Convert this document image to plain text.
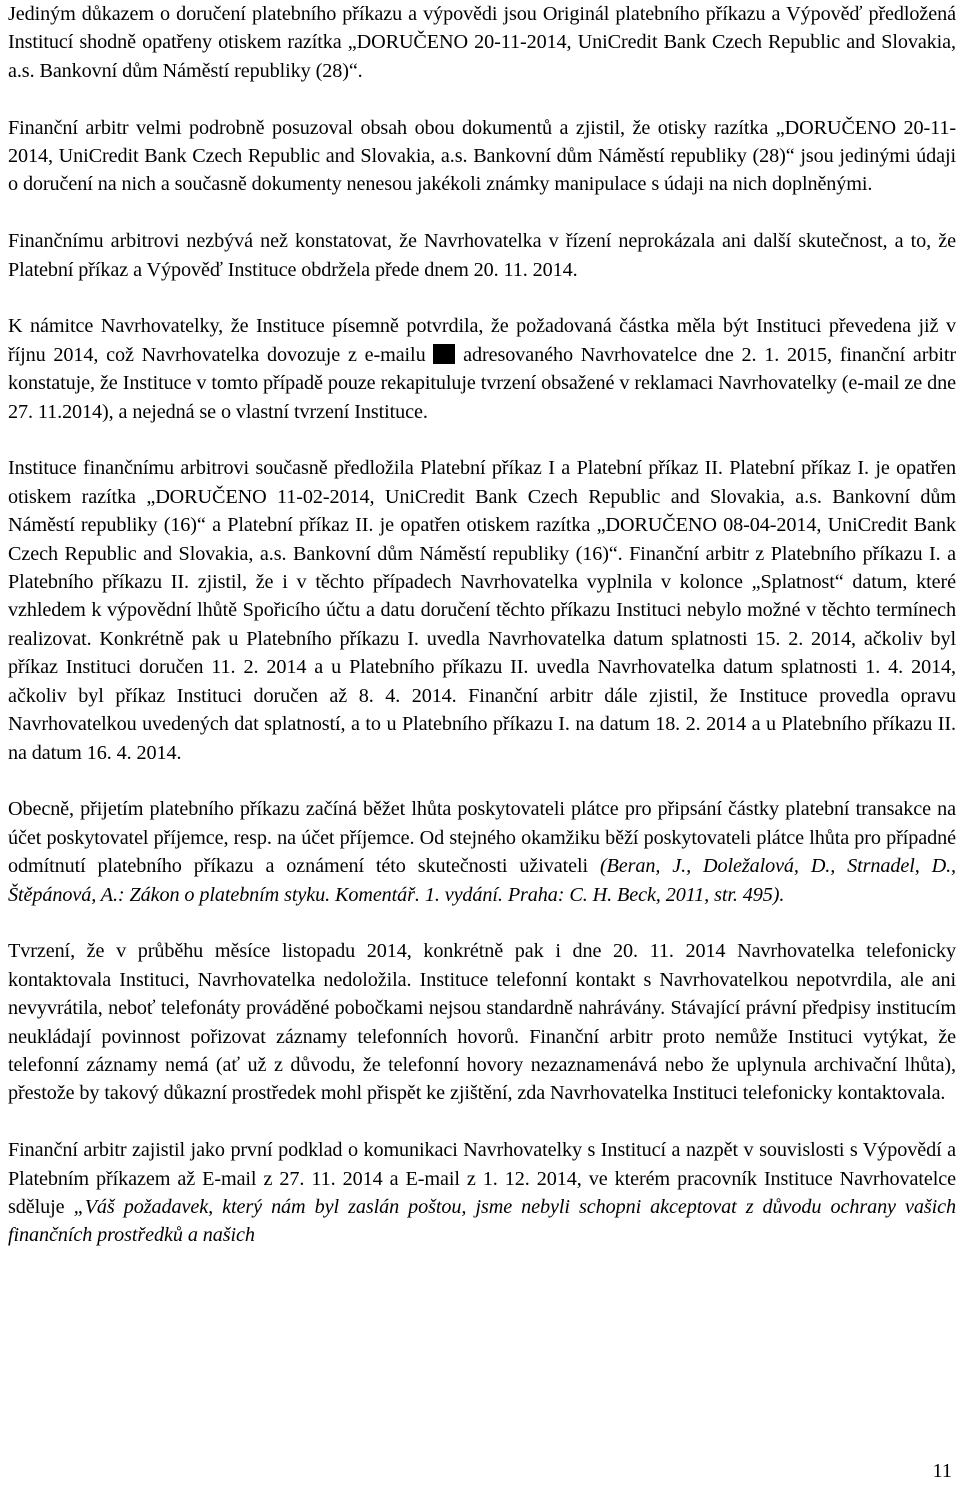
Jediným důkazem o doručení platebního příkazu a výpovědi jsou Originál platebního příkazu a Výpověď předložená Institucí shodně opatřeny otiskem razítka „DORUČENO 20-11-2014, UniCredit Bank Czech Republic and Slovakia, a.s. Bankovní dům Náměstí republiky (28)“.

Finanční arbitr velmi podrobně posuzoval obsah obou dokumentů a zjistil, že otisky razítka „DORUČENO 20-11-2014, UniCredit Bank Czech Republic and Slovakia, a.s. Bankovní dům Náměstí republiky (28)“ jsou jedinými údaji o doručení na nich a současně dokumenty nenesou jakékoli známky manipulace s údaji na nich doplněnými.

Finančnímu arbitrovi nezbývá než konstatovat, že Navrhovatelka v řízení neprokázala ani další skutečnost, a to, že Platební příkaz a Výpověď Instituce obdržela přede dnem 20. 11. 2014.

K námitce Navrhovatelky, že Instituce písemně potvrdila, že požadovaná částka měla být Instituci převedena již v říjnu 2014, což Navrhovatelka dovozuje z e-mailu  adresovaného Navrhovatelce dne 2. 1. 2015, finanční arbitr konstatuje, že Instituce v tomto případě pouze rekapituluje tvrzení obsažené v reklamaci Navrhovatelky (e-mail ze dne 27. 11.2014), a nejedná se o vlastní tvrzení Instituce.

Instituce finančnímu arbitrovi současně předložila Platební příkaz I a Platební příkaz II. Platební příkaz I. je opatřen otiskem razítka „DORUČENO 11-02-2014, UniCredit Bank Czech Republic and Slovakia, a.s. Bankovní dům Náměstí republiky (16)“ a Platební příkaz II. je opatřen otiskem razítka „DORUČENO 08-04-2014, UniCredit Bank Czech Republic and Slovakia, a.s. Bankovní dům Náměstí republiky (16)“. Finanční arbitr z Platebního příkazu I. a Platebního příkazu II. zjistil, že i v těchto případech Navrhovatelka vyplnila v kolonce „Splatnost“ datum, které vzhledem k výpovědní lhůtě Spořicího účtu a datu doručení těchto příkazu Instituci nebylo možné v těchto termínech realizovat. Konkrétně pak u Platebního příkazu I. uvedla Navrhovatelka datum splatnosti 15. 2. 2014, ačkoliv byl příkaz Instituci doručen 11. 2. 2014 a u Platebního příkazu II. uvedla Navrhovatelka datum splatnosti 1. 4. 2014, ačkoliv byl příkaz Instituci doručen až 8. 4. 2014. Finanční arbitr dále zjistil, že Instituce provedla opravu Navrhovatelkou uvedených dat splatností, a to u Platebního příkazu I. na datum 18. 2. 2014 a u Platebního příkazu II. na datum 16. 4. 2014.

Obecně, přijetím platebního příkazu začíná běžet lhůta poskytovateli plátce pro připsání částky platební transakce na účet poskytovatel příjemce, resp. na účet příjemce. Od stejného okamžiku běží poskytovateli plátce lhůta pro případné odmítnutí platebního příkazu a oznámení této skutečnosti uživateli (Beran, J., Doležalová, D., Strnadel, D., Štěpánová, A.: Zákon o platebním styku. Komentář. 1. vydání. Praha: C. H. Beck, 2011, str. 495).

Tvrzení, že v průběhu měsíce listopadu 2014, konkrétně pak i dne 20. 11. 2014 Navrhovatelka telefonicky kontaktovala Instituci, Navrhovatelka nedoložila. Instituce telefonní kontakt s Navrhovatelkou nepotvrdila, ale ani nevyvrátila, neboť telefonáty prováděné pobočkami nejsou standardně nahrávány. Stávající právní předpisy institucím neukládají povinnost pořizovat záznamy telefonních hovorů. Finanční arbitr proto nemůže Instituci vytýkat, že telefonní záznamy nemá (ať už z důvodu, že telefonní hovory nezaznamenává nebo že uplynula archivační lhůta), přestože by takový důkazní prostředek mohl přispět ke zjištění, zda Navrhovatelka Instituci telefonicky kontaktovala.

Finanční arbitr zajistil jako první podklad o komunikaci Navrhovatelky s Institucí a nazpět v souvislosti s Výpovědí a Platebním příkazem až E-mail z 27. 11. 2014 a E-mail z 1. 12. 2014, ve kterém pracovník Instituce Navrhovatelce sděluje „Váš požadavek, který nám byl zaslán poštou, jsme nebyli schopni akceptovat z důvodu ochrany vašich finančních prostředků a našich

11
